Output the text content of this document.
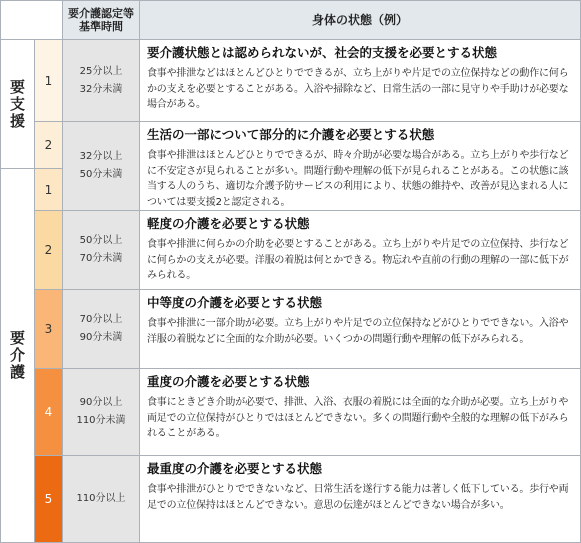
要介護認定等
基準時間	身体の状態（例）
要支援
要介護
1
2
1
2
3
4
5
25分以上
32分未満
32分以上
50分未満
50分以上
70分未満
70分以上
90分未満
90分以上
110分未満
110分以上
要介護状態とは認められないが、社会的支援を必要とする状態
食事や排泄などはほとんどひとりでできるが、立ち上がりや片足での立位保持などの動作に何らかの支えを必要とすることがある。入浴や掃除など、日常生活の一部に見守りや手助けが必要な場合がある。
生活の一部について部分的に介護を必要とする状態
食事や排泄はほとんどひとりでできるが、時々介助が必要な場合がある。立ち上がりや歩行などに不安定さが見られることが多い。問題行動や理解の低下が見られることがある。この状態に該当する人のうち、適切な介護予防サービスの利用により、状態の維持や、改善が見込まれる人については要支援2と認定される。
軽度の介護を必要とする状態
食事や排泄に何らかの介助を必要とすることがある。立ち上がりや片足での立位保持、歩行などに何らかの支えが必要。洋服の着脱は何とかできる。物忘れや直前の行動の理解の一部に低下がみられる。
中等度の介護を必要とする状態
食事や排泄に一部介助が必要。立ち上がりや片足での立位保持などがひとりでできない。入浴や洋服の着脱などに全面的な介助が必要。いくつかの問題行動や理解の低下がみられる。
重度の介護を必要とする状態
食事にときどき介助が必要で、排泄、入浴、衣服の着脱には全面的な介助が必要。立ち上がりや両足での立位保持がひとりではほとんどできない。多くの問題行動や全般的な理解の低下がみられることがある。
最重度の介護を必要とする状態
食事や排泄がひとりでできないなど、日常生活を遂行する能力は著しく低下している。歩行や両足での立位保持はほとんどできない。意思の伝達がほとんどできない場合が多い。
